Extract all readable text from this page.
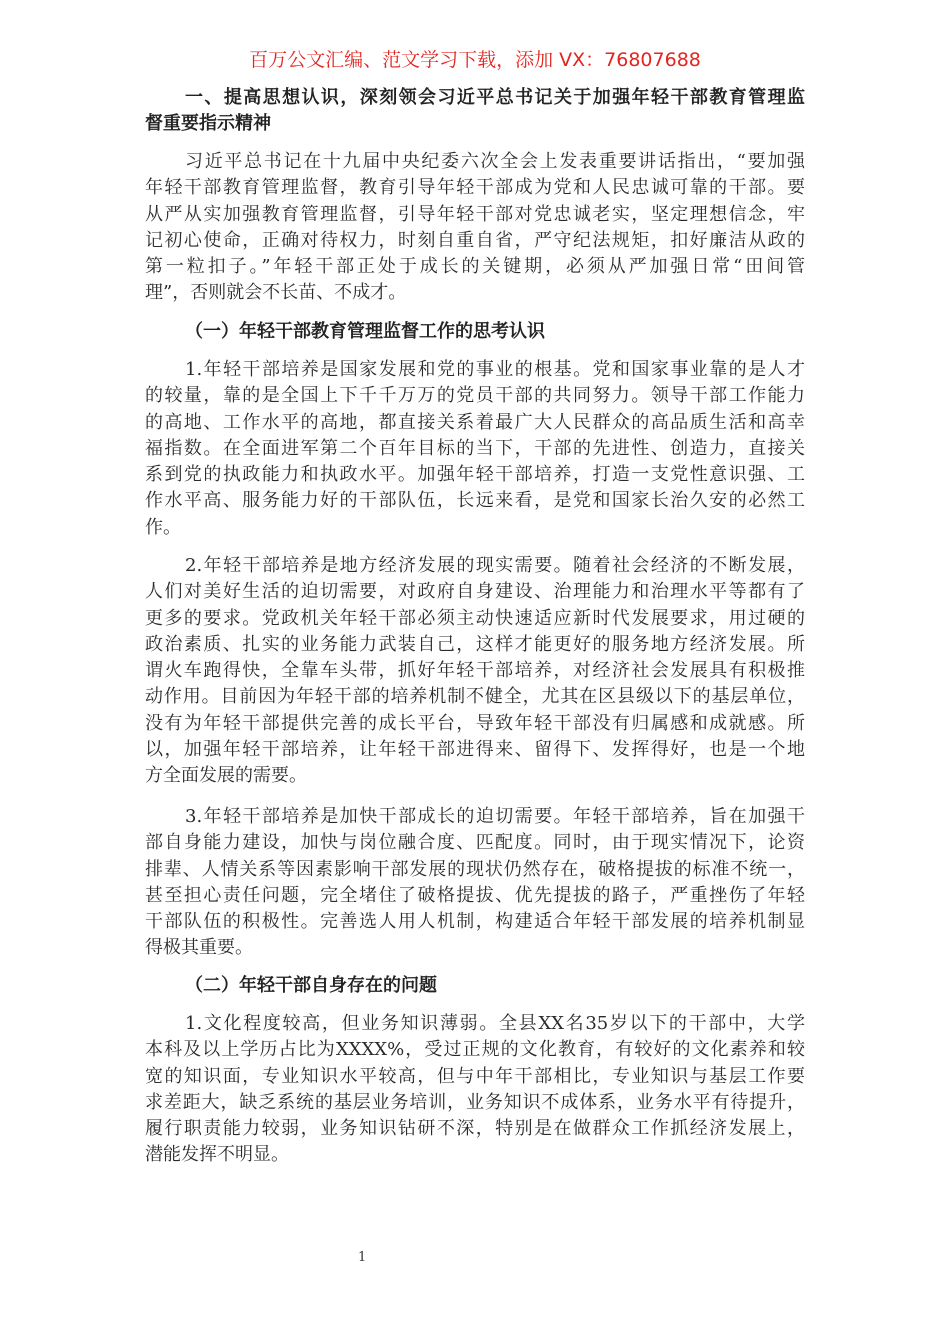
百万公文汇编、范文学习下载，添加 VX：76807688
一、提高思想认识，深刻领会习近平总书记关于加强年轻干部教育管理监
督重要指示精神
习近平总书记在十九届中央纪委六次全会上发表重要讲话指出，“要加强
年轻干部教育管理监督，教育引导年轻干部成为党和人民忠诚可靠的干部。要
从严从实加强教育管理监督，引导年轻干部对党忠诚老实，坚定理想信念，牢
记初心使命，正确对待权力，时刻自重自省，严守纪法规矩，扣好廉洁从政的
第一粒扣子。”年轻干部正处于成长的关键期，必须从严加强日常“田间管
理”，否则就会不长苗、不成才。
（一）年轻干部教育管理监督工作的思考认识
1.年轻干部培养是国家发展和党的事业的根基。党和国家事业靠的是人才
的较量，靠的是全国上下千千万万的党员干部的共同努力。领导干部工作能力
的高地、工作水平的高地，都直接关系着最广大人民群众的高品质生活和高幸
福指数。在全面进军第二个百年目标的当下，干部的先进性、创造力，直接关
系到党的执政能力和执政水平。加强年轻干部培养，打造一支党性意识强、工
作水平高、服务能力好的干部队伍，长远来看，是党和国家长治久安的必然工
作。
2.年轻干部培养是地方经济发展的现实需要。随着社会经济的不断发展，
人们对美好生活的迫切需要，对政府自身建设、治理能力和治理水平等都有了
更多的要求。党政机关年轻干部必须主动快速适应新时代发展要求，用过硬的
政治素质、扎实的业务能力武装自己，这样才能更好的服务地方经济发展。所
谓火车跑得快，全靠车头带，抓好年轻干部培养，对经济社会发展具有积极推
动作用。目前因为年轻干部的培养机制不健全，尤其在区县级以下的基层单位，
没有为年轻干部提供完善的成长平台，导致年轻干部没有归属感和成就感。所
以，加强年轻干部培养，让年轻干部进得来、留得下、发挥得好，也是一个地
方全面发展的需要。
3.年轻干部培养是加快干部成长的迫切需要。年轻干部培养，旨在加强干
部自身能力建设，加快与岗位融合度、匹配度。同时，由于现实情况下，论资
排辈、人情关系等因素影响干部发展的现状仍然存在，破格提拔的标准不统一，
甚至担心责任问题，完全堵住了破格提拔、优先提拔的路子，严重挫伤了年轻
干部队伍的积极性。完善选人用人机制，构建适合年轻干部发展的培养机制显
得极其重要。
（二）年轻干部自身存在的问题
1.文化程度较高，但业务知识薄弱。全县XX名35岁以下的干部中，大学
本科及以上学历占比为XXXX%，受过正规的文化教育，有较好的文化素养和较
宽的知识面，专业知识水平较高，但与中年干部相比，专业知识与基层工作要
求差距大，缺乏系统的基层业务培训，业务知识不成体系，业务水平有待提升，
履行职责能力较弱，业务知识钻研不深，特别是在做群众工作抓经济发展上，
潜能发挥不明显。
1
